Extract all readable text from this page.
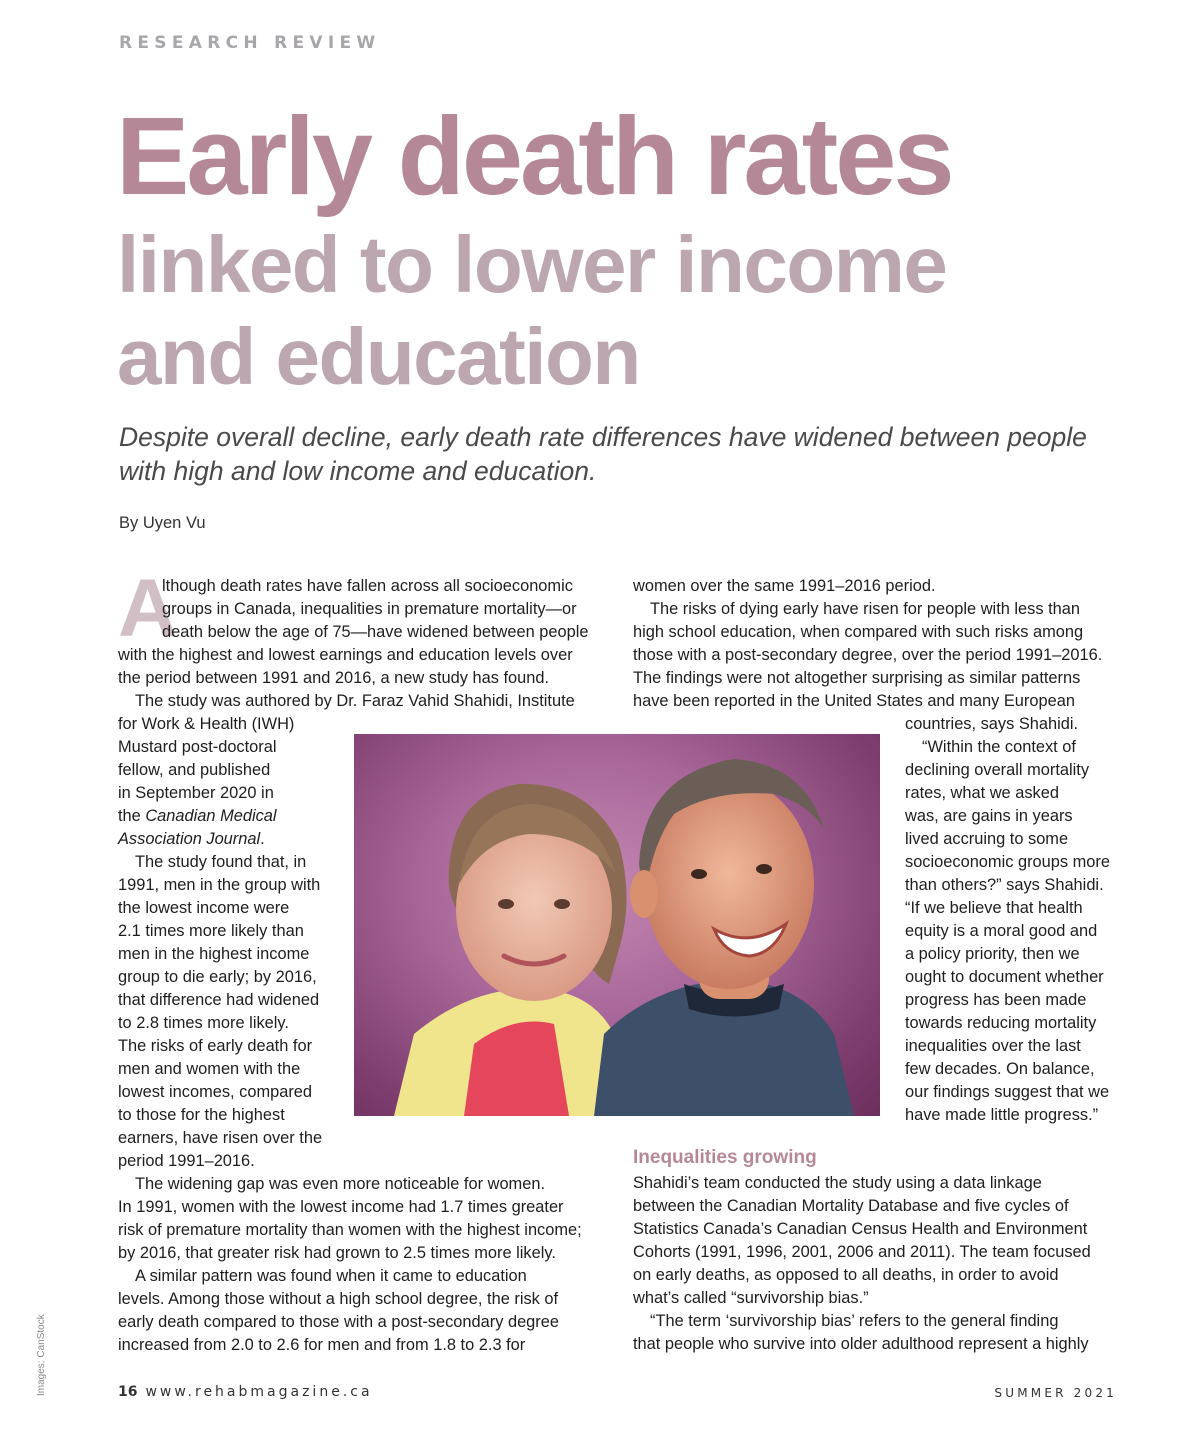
RESEARCH REVIEW
Early death rates
linked to lower income
and education
Despite overall decline, early death rate differences have widened between people with high and low income and education.
By Uyen Vu
A
lthough death rates have fallen across all socioeconomic
groups in Canada, inequalities in premature mortality—or
death below the age of 75—have widened between people
with the highest and lowest earnings and education levels over
the period between 1991 and 2016, a new study has found.
The study was authored by Dr. Faraz Vahid Shahidi, Institute
for Work & Health (IWH)
Mustard post-doctoral
fellow, and published
in September 2020 in
the Canadian Medical
Association Journal.
The study found that, in
1991, men in the group with
the lowest income were
2.1 times more likely than
men in the highest income
group to die early; by 2016,
that difference had widened
to 2.8 times more likely.
The risks of early death for
men and women with the
lowest incomes, compared
to those for the highest
earners, have risen over the
period 1991–2016.
The widening gap was even more noticeable for women.
In 1991, women with the lowest income had 1.7 times greater
risk of premature mortality than women with the highest income;
by 2016, that greater risk had grown to 2.5 times more likely.
A similar pattern was found when it came to education
levels. Among those without a high school degree, the risk of
early death compared to those with a post-secondary degree
increased from 2.0 to 2.6 for men and from 1.8 to 2.3 for
women over the same 1991–2016 period.
The risks of dying early have risen for people with less than
high school education, when compared with such risks among
those with a post-secondary degree, over the period 1991–2016.
The findings were not altogether surprising as similar patterns
have been reported in the United States and many European
countries, says Shahidi.
“Within the context of
declining overall mortality
rates, what we asked
was, are gains in years
lived accruing to some
socioeconomic groups more
than others?” says Shahidi.
“If we believe that health
equity is a moral good and
a policy priority, then we
ought to document whether
progress has been made
towards reducing mortality
inequalities over the last
few decades. On balance,
our findings suggest that we
have made little progress.”
Inequalities growing
Shahidi’s team conducted the study using a data linkage
between the Canadian Mortality Database and five cycles of
Statistics Canada’s Canadian Census Health and Environment
Cohorts (1991, 1996, 2001, 2006 and 2011). The team focused
on early deaths, as opposed to all deaths, in order to avoid
what’s called “survivorship bias.”
“The term ‘survivorship bias’ refers to the general finding
that people who survive into older adulthood represent a highly
Images: CanStock	16 www.rehabmagazine.ca	SUMMER 2021
